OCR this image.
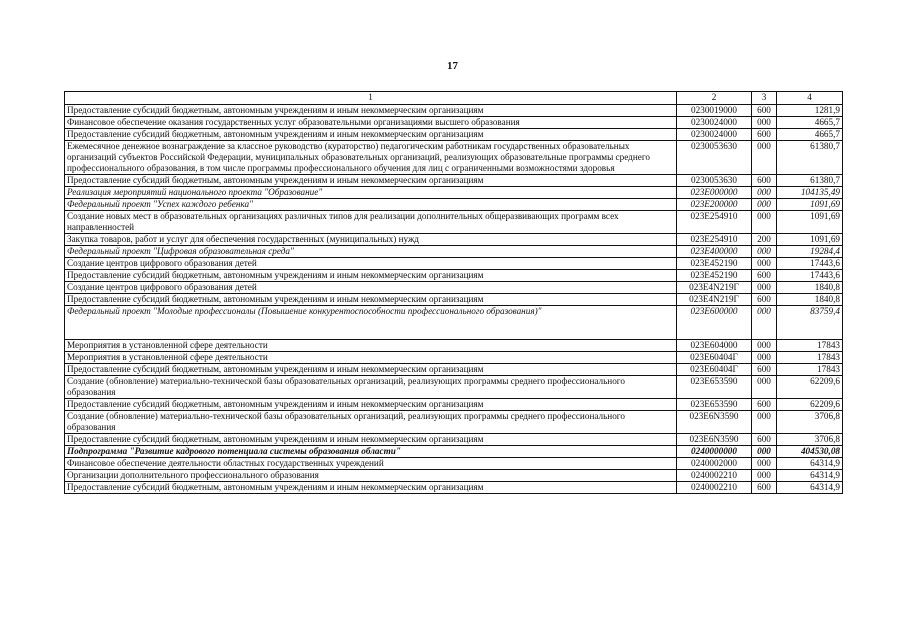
17
1	2	3	4
Предоставление субсидий бюджетным, автономным учреждениям и иным некоммерческим организациям	0230019000	600	1281,9
Финансовое обеспечение оказания государственных услуг образовательными организациями высшего образования	0230024000	000	4665,7
Предоставление субсидий бюджетным, автономным учреждениям и иным некоммерческим организациям	0230024000	600	4665,7
Ежемесячное денежное вознаграждение за классное руководство (кураторство) педагогическим работникам государственных образовательных организаций субъектов Российской Федерации, муниципальных образовательных организаций, реализующих образовательные программы среднего профессионального образования, в том числе программы профессионального обучения для лиц с ограниченными возможностями здоровья	0230053630	000	61380,7
Предоставление субсидий бюджетным, автономным учреждениям и иным некоммерческим организациям	0230053630	600	61380,7
Реализация мероприятий национального проекта "Образование"	023E000000	000	104135,49
Федеральный проект "Успех каждого ребенка"	023E200000	000	1091,69
Создание новых мест в образовательных организациях различных типов для реализации дополнительных общеразвивающих программ всех направленностей	023E254910	000	1091,69
Закупка товаров, работ и услуг для обеспечения государственных (муниципальных) нужд	023E254910	200	1091,69
Федеральный проект "Цифровая образовательная среда"	023E400000	000	19284,4
Создание центров цифрового образования детей	023E452190	000	17443,6
Предоставление субсидий бюджетным, автономным учреждениям и иным некоммерческим организациям	023E452190	600	17443,6
Создание центров цифрового образования детей	023E4N219Г	000	1840,8
Предоставление субсидий бюджетным, автономным учреждениям и иным некоммерческим организациям	023E4N219Г	600	1840,8
Федеральный проект "Молодые профессионалы (Повышение конкурентоспособности профессионального образования)"	023E600000	000	83759,4
Мероприятия в установленной сфере деятельности	023E604000	000	17843
Мероприятия в установленной сфере деятельности	023E60404Г	000	17843
Предоставление субсидий бюджетным, автономным учреждениям и иным некоммерческим организациям	023E60404Г	600	17843
Создание (обновление) материально-технической базы образовательных организаций, реализующих программы среднего профессионального образования	023E653590	000	62209,6
Предоставление субсидий бюджетным, автономным учреждениям и иным некоммерческим организациям	023E653590	600	62209,6
Создание (обновление) материально-технической базы образовательных организаций, реализующих программы среднего профессионального образования	023E6N3590	000	3706,8
Предоставление субсидий бюджетным, автономным учреждениям и иным некоммерческим организациям	023E6N3590	600	3706,8
Подпрограмма "Развитие кадрового потенциала системы образования области"	0240000000	000	404530,08
Финансовое обеспечение деятельности областных государственных учреждений	0240002000	000	64314,9
Организации дополнительного профессионального образования	0240002210	000	64314,9
Предоставление субсидий бюджетным, автономным учреждениям и иным некоммерческим организациям	0240002210	600	64314,9
